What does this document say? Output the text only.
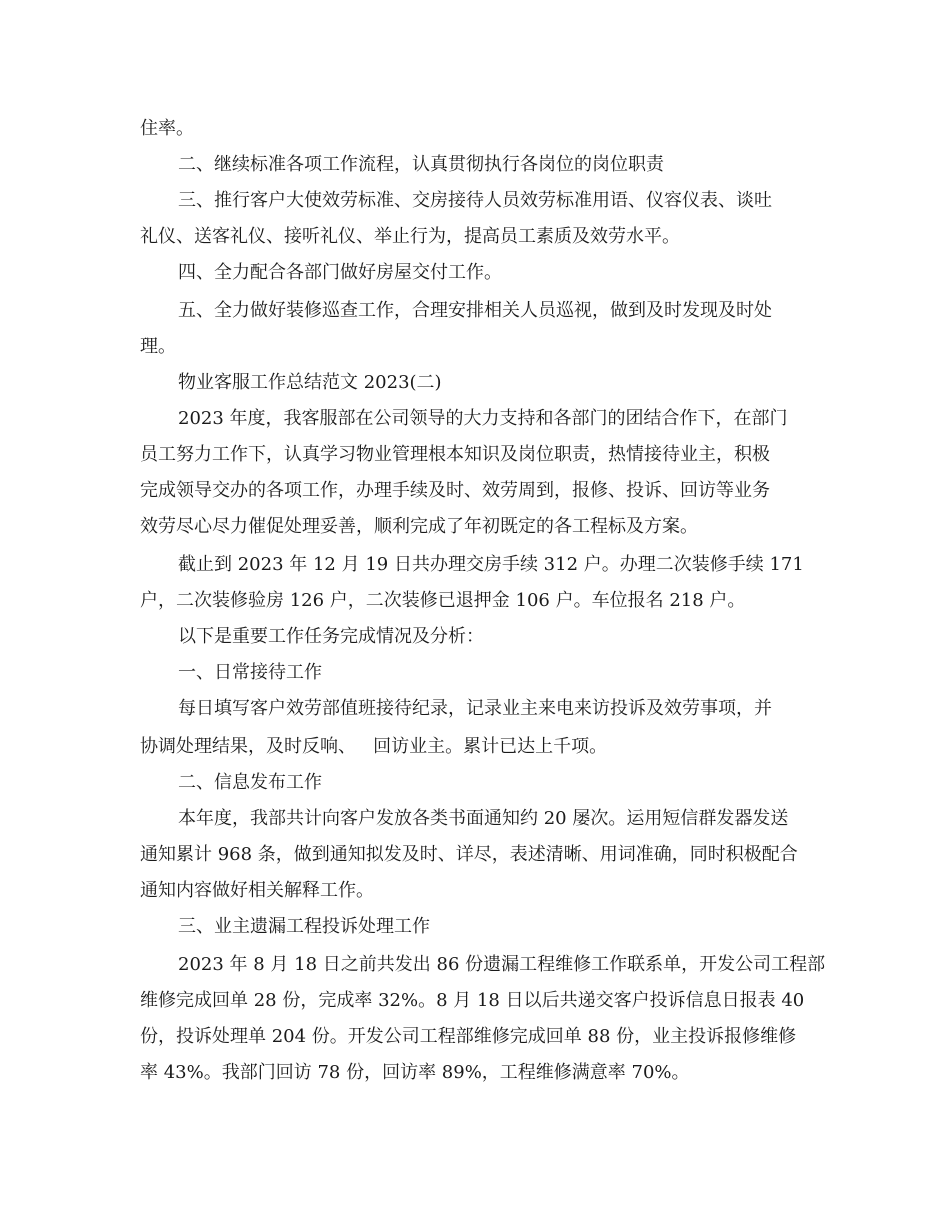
住率。
二、继续标准各项工作流程，认真贯彻执行各岗位的岗位职责
三、推行客户大使效劳标准、交房接待人员效劳标准用语、仪容仪表、谈吐
礼仪、送客礼仪、接听礼仪、举止行为，提高员工素质及效劳水平。
四、全力配合各部门做好房屋交付工作。
五、全力做好装修巡查工作，合理安排相关人员巡视，做到及时发现及时处
理。
物业客服工作总结范文 2023(二)
2023 年度，我客服部在公司领导的大力支持和各部门的团结合作下，在部门
员工努力工作下，认真学习物业管理根本知识及岗位职责，热情接待业主，积极
完成领导交办的各项工作，办理手续及时、效劳周到，报修、投诉、回访等业务
效劳尽心尽力催促处理妥善，顺利完成了年初既定的各工程标及方案。
截止到 2023 年 12 月 19 日共办理交房手续 312 户。办理二次装修手续 171
户，二次装修验房 126 户，二次装修已退押金 106 户。车位报名 218 户。
以下是重要工作任务完成情况及分析：
一、日常接待工作
每日填写客户效劳部值班接待纪录，记录业主来电来访投诉及效劳事项，并
协调处理结果，及时反响、   回访业主。累计已达上千项。
二、信息发布工作
本年度，我部共计向客户发放各类书面通知约 20 屡次。运用短信群发器发送
通知累计 968 条，做到通知拟发及时、详尽，表述清晰、用词准确，同时积极配合
通知内容做好相关解释工作。
三、业主遗漏工程投诉处理工作
2023 年 8 月 18 日之前共发出 86 份遗漏工程维修工作联系单，开发公司工程部
维修完成回单 28 份，完成率 32%。8 月 18 日以后共递交客户投诉信息日报表 40
份，投诉处理单 204 份。开发公司工程部维修完成回单 88 份，业主投诉报修维修
率 43%。我部门回访 78 份，回访率 89%，工程维修满意率 70%。
